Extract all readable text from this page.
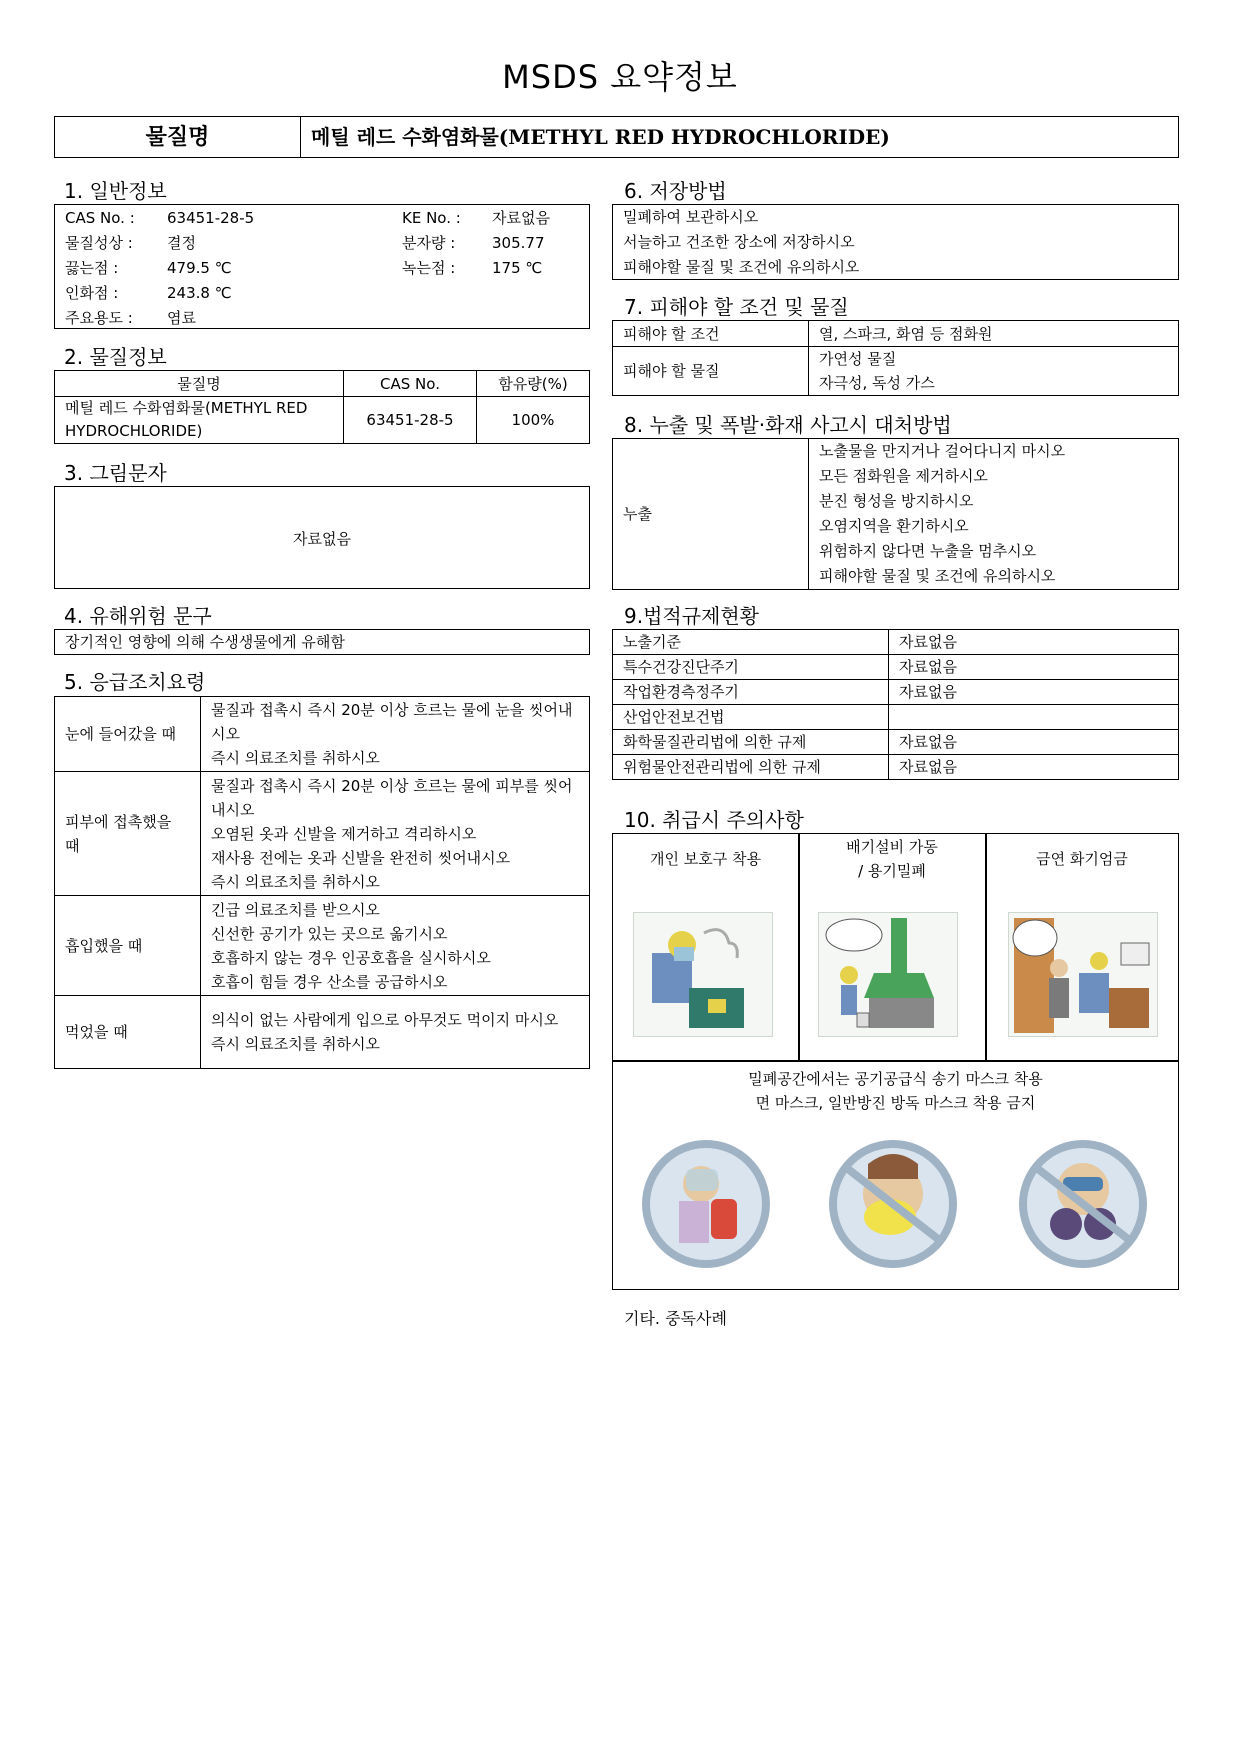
MSDS 요약정보
물질명	메틸 레드 수화염화물(METHYL RED HYDROCHLORIDE)
1. 일반정보
CAS No. :	63451-28-5	KE No. :	자료없음
물질성상 :	결정	분자량 :	305.77
끓는점 :	479.5 ℃	녹는점 :	175 ℃
인화점 :	243.8 ℃		
주요용도 :	염료		
2. 물질정보
물질명	CAS No.	함유량(%)
메틸 레드 수화염화물(METHYL RED HYDROCHLORIDE)	63451-28-5	100%
3. 그림문자
자료없음
4. 유해위험 문구
장기적인 영향에 의해 수생생물에게 유해함
5. 응급조치요령
눈에 들어갔을 때	물질과 접촉시 즉시 20분 이상 흐르는 물에 눈을 씻어내시오
즉시 의료조치를 취하시오

피부에 접촉했을 때	물질과 접촉시 즉시 20분 이상 흐르는 물에 피부를 씻어내시오
오염된 옷과 신발을 제거하고 격리하시오
재사용 전에는 옷과 신발을 완전히 씻어내시오
즉시 의료조치를 취하시오

흡입했을 때	긴급 의료조치를 받으시오
신선한 공기가 있는 곳으로 옮기시오
호흡하지 않는 경우 인공호흡을 실시하시오
호흡이 힘들 경우 산소를 공급하시오

먹었을 때	의식이 없는 사람에게 입으로 아무것도 먹이지 마시오
즉시 의료조치를 취하시오
6. 저장방법
밀폐하여 보관하시오
서늘하고 건조한 장소에 저장하시오
피해야할 물질 및 조건에 유의하시오
7. 피해야 할 조건 및 물질
피해야 할 조건	열, 스파크, 화염 등 점화원
피해야 할 물질	가연성 물질
자극성, 독성 가스
8. 누출 및 폭발·화재 사고시 대처방법
누출	
노출물을 만지거나 걸어다니지 마시오
모든 점화원을 제거하시오
분진 형성을 방지하시오
오염지역을 환기하시오
위험하지 않다면 누출을 멈추시오
피해야할 물질 및 조건에 유의하시오
9.법적규제현황
노출기준	자료없음
특수건강진단주기	자료없음
작업환경측정주기	자료없음
산업안전보건법	
화학물질관리법에 의한 규제	자료없음
위험물안전관리법에 의한 규제	자료없음
10. 취급시 주의사항
개인 보호구 착용
배기설비 가동
/ 용기밀폐
금연 화기엄금
밀폐공간에서는 공기공급식 송기 마스크 착용
면 마스크, 일반방진 방독 마스크 착용 금지
기타. 중독사례
